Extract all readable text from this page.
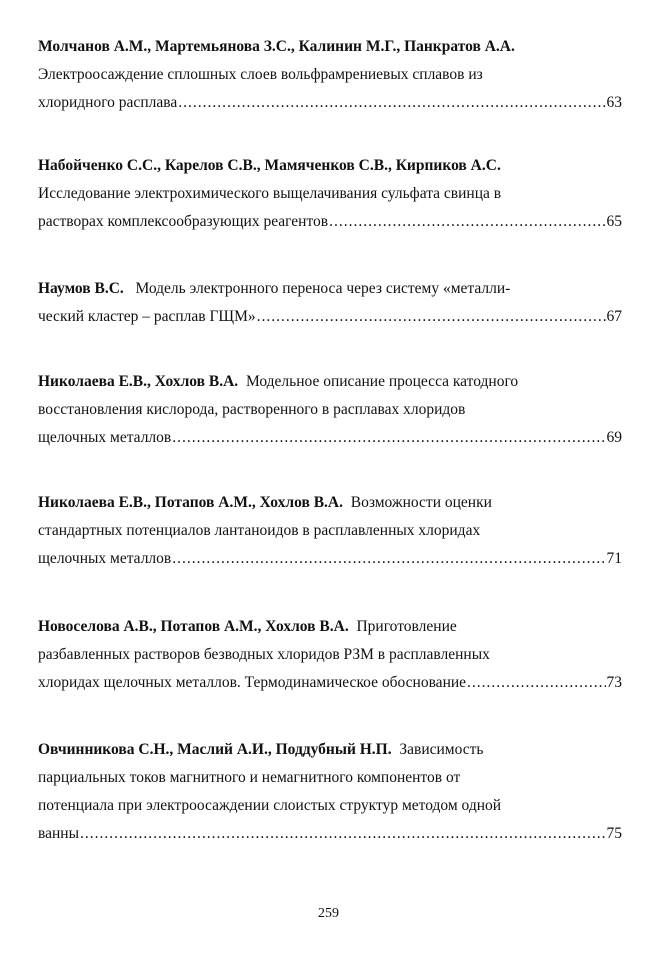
Молчанов А.М., Мартемьянова З.С., Калинин М.Г., Панкратов А.А.
Электроосаждение сплошных слоев вольфрамрениевых сплавов из
хлоридного расплава .....	63
Набойченко С.С., Карелов С.В., Мамяченков С.В., Кирпиков А.С.
Исследование электрохимического выщелачивания сульфата свинца в
растворах комплексообразующих реагентов .....	65
Наумов В.С. Модель электронного переноса через систему «металли-
ческий кластер – расплав ГЩМ» .....	67
Николаева Е.В., Хохлов В.А. Модельное описание процесса катодного
восстановления кислорода, растворенного в расплавах хлоридов
щелочных металлов .....	69
Николаева Е.В., Потапов А.М., Хохлов В.А. Возможности оценки
стандартных потенциалов лантаноидов в расплавленных хлоридах
щелочных металлов .....	71
Новоселова А.В., Потапов А.М., Хохлов В.А. Приготовление
разбавленных растворов безводных хлоридов РЗМ в расплавленных
хлоридах щелочных металлов. Термодинамическое обоснование .....	73
Овчинникова С.Н., Маслий А.И., Поддубный Н.П. Зависимость
парциальных токов магнитного и немагнитного компонентов от
потенциала при электроосаждении слоистых структур методом одной
ванны .....	75
259
